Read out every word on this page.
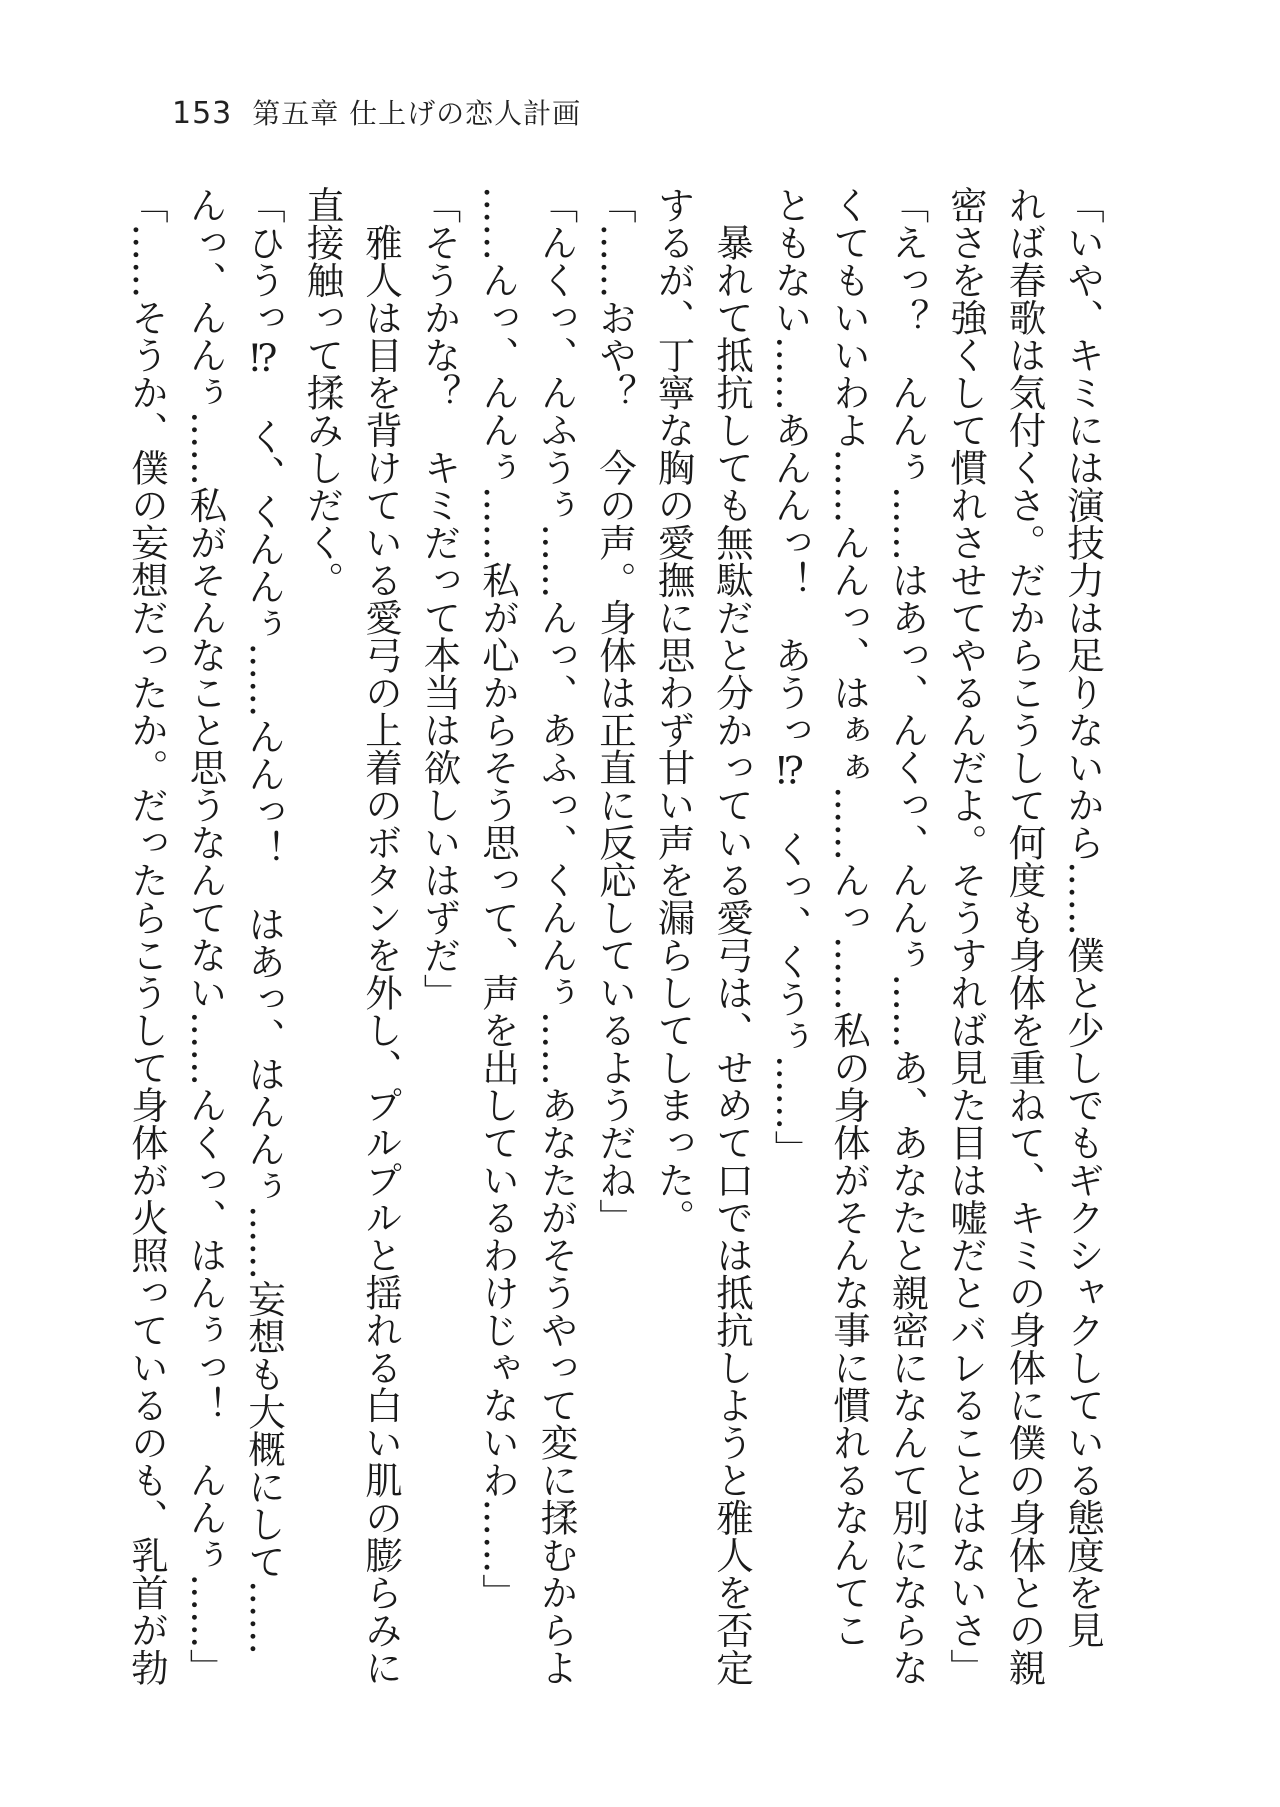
153 第五章 仕上げの恋人計画

「いや、キミには演技力は足りないから……僕と少しでもギクシャクしている態度を見

れば春歌は気付くさ。だからこうして何度も身体を重ねて、キミの身体に僕の身体との親

密さを強くして慣れさせてやるんだよ。そうすれば見た目は嘘だとバレることはないさ」

「えっ？　んんぅ……はあっ、んくっ、んんぅ……あ、あなたと親密になんて別にならな

くてもいいわよ……んんっ、はぁぁ……んっ……私の身体がそんな事に慣れるなんてこ

ともない……あんんっ！　あうっ⁉　くっ、くうぅ……」

　暴れて抵抗しても無駄だと分かっている愛弓は、せめて口では抵抗しようと雅人を否定

するが、丁寧な胸の愛撫に思わず甘い声を漏らしてしまった。

「……おや？　今の声。身体は正直に反応しているようだね」

「んくっ、んふうぅ……んっ、あふっ、くんんぅ……あなたがそうやって変に揉むからよ

……んっ、んんぅ……私が心からそう思って、声を出しているわけじゃないわ……」

「そうかな？　キミだって本当は欲しいはずだ」

　雅人は目を背けている愛弓の上着のボタンを外し、プルプルと揺れる白い肌の膨らみに

直接触って揉みしだく。

「ひうっ⁉　く、くんんぅ……んんっ！　はあっ、はんんぅ……妄想も大概にして……

んっ、んんぅ……私がそんなこと思うなんてない……んくっ、はんぅっ！　んんぅ……」

「……そうか、僕の妄想だったか。だったらこうして身体が火照っているのも、乳首が勃
